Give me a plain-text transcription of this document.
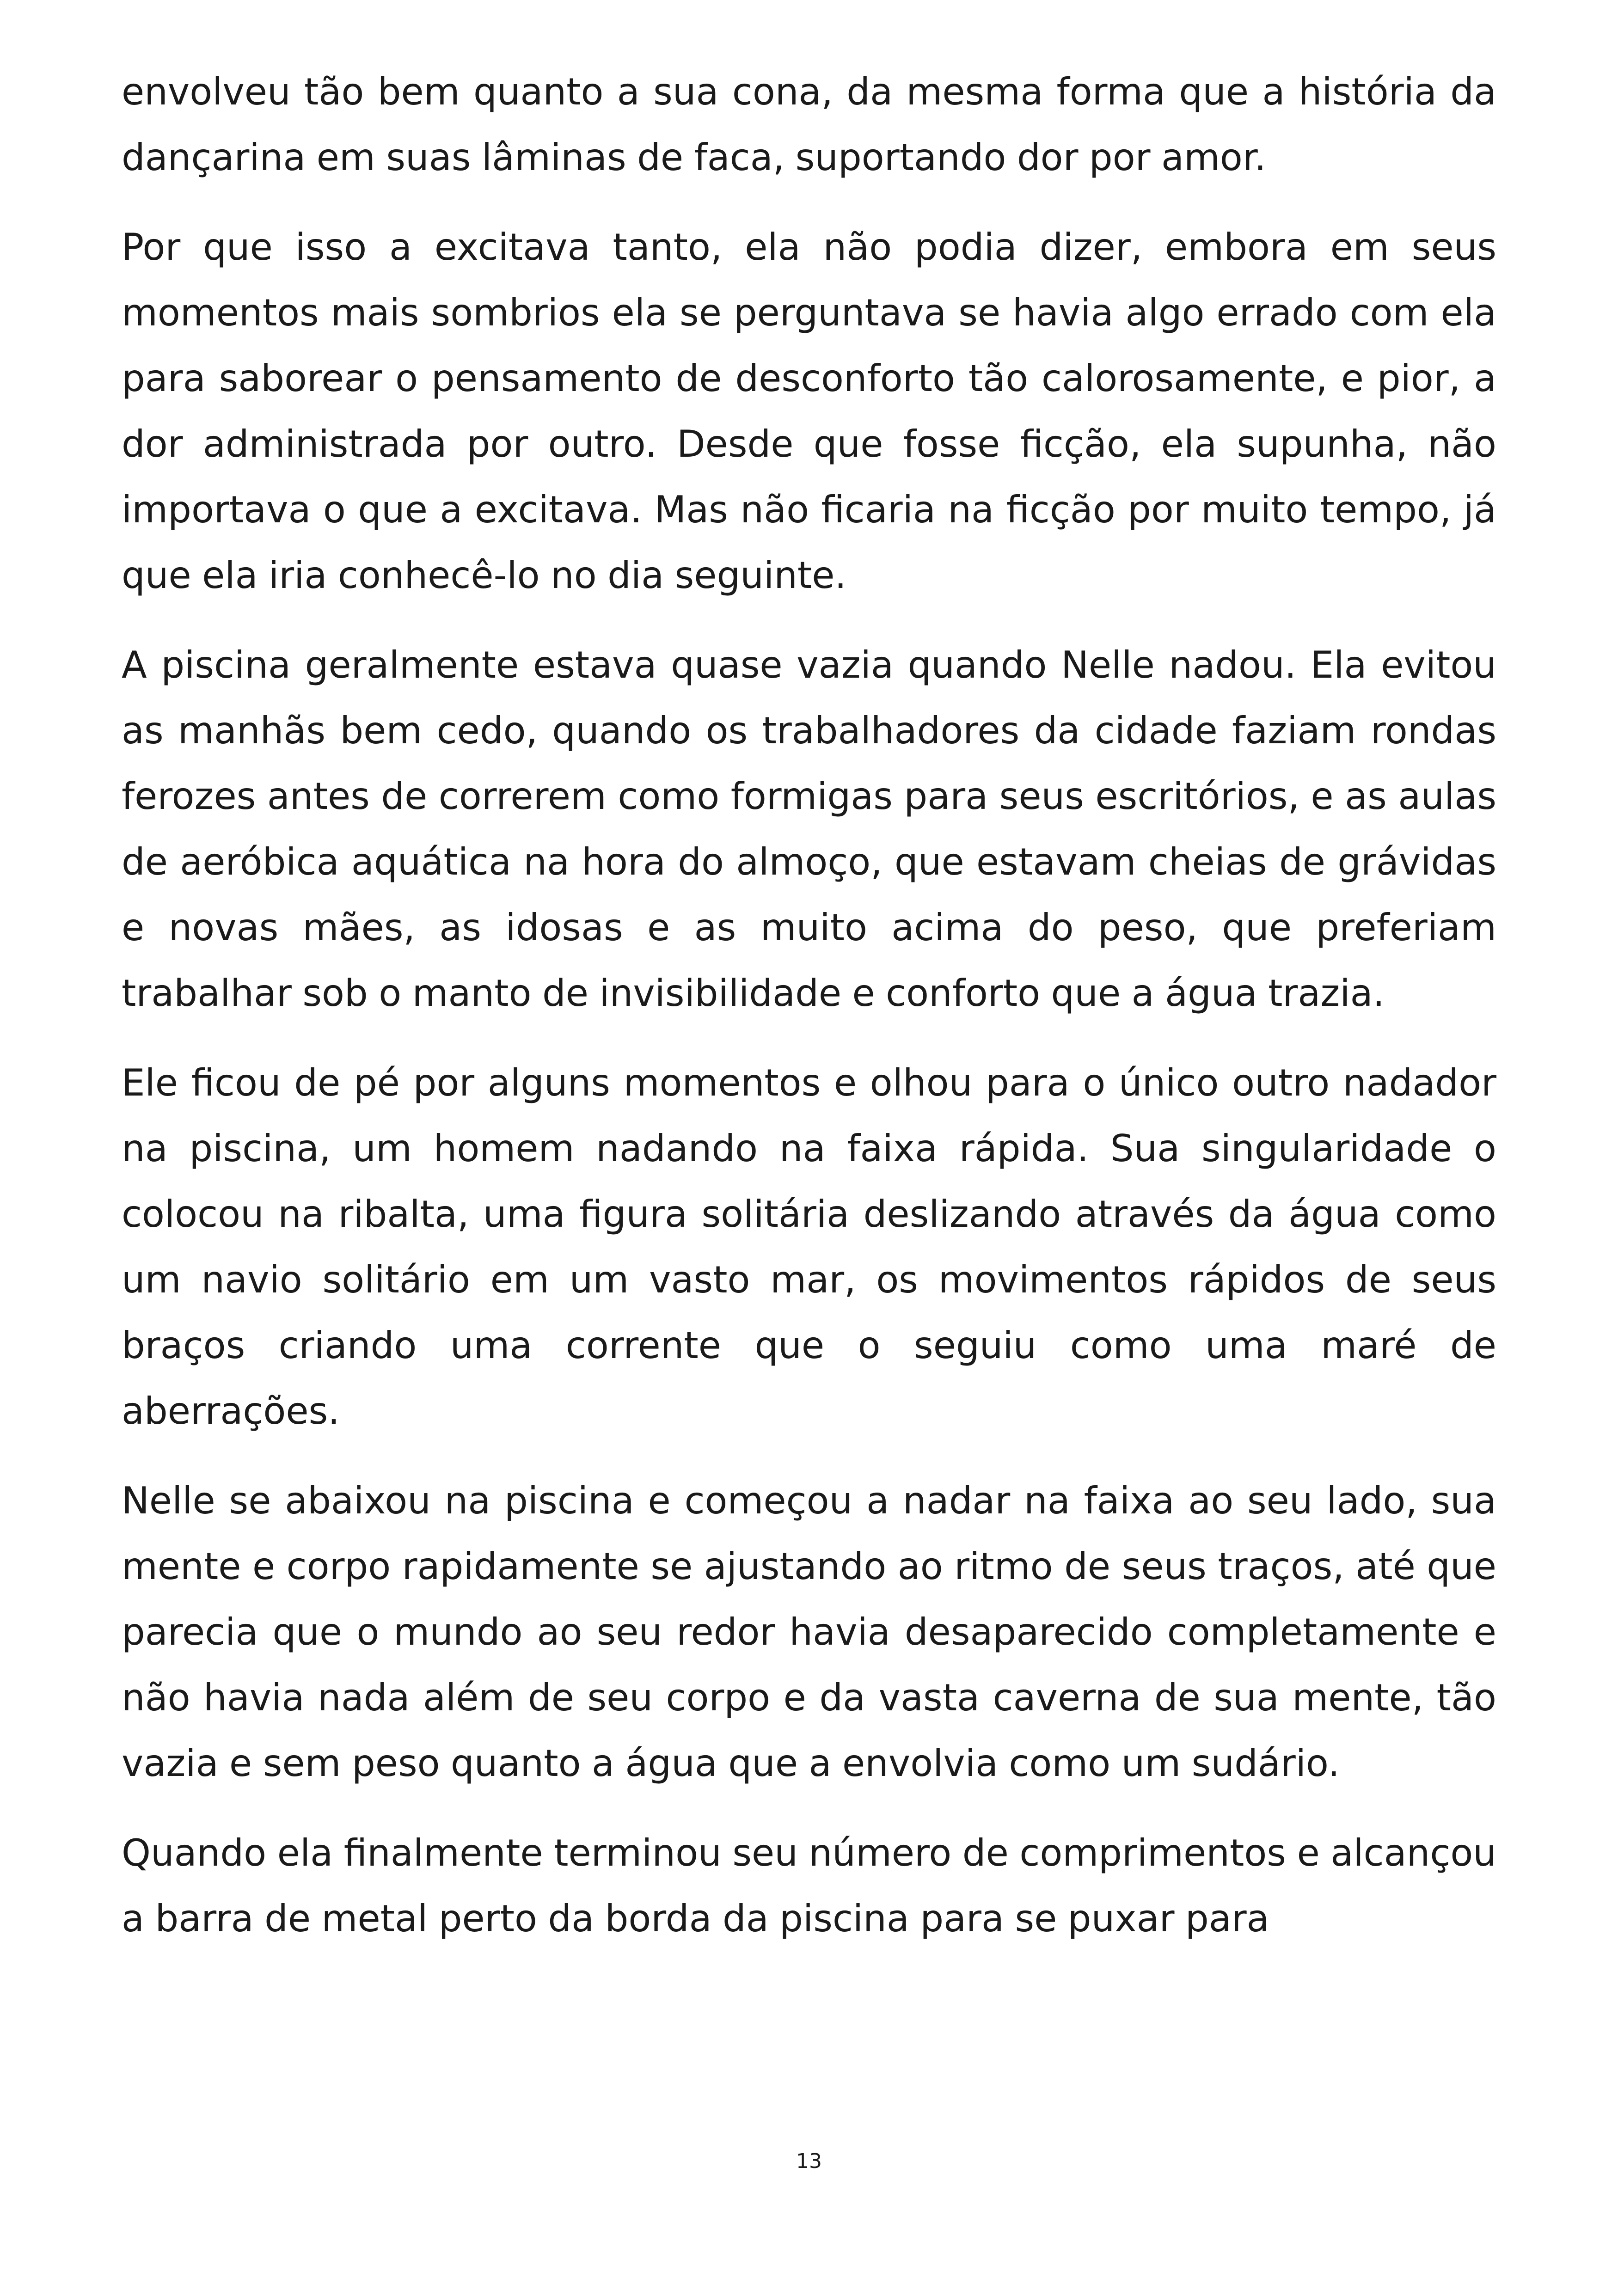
envolveu tão bem quanto a sua cona, da mesma forma que a história da dançarina em suas lâminas de faca, suportando dor por amor.

Por que isso a excitava tanto, ela não podia dizer, embora em seus momentos mais sombrios ela se perguntava se havia algo errado com ela para saborear o pensamento de desconforto tão calorosamente, e pior, a dor administrada por outro. Desde que fosse ficção, ela supunha, não importava o que a excitava. Mas não ficaria na ficção por muito tempo, já que ela iria conhecê-lo no dia seguinte.

A piscina geralmente estava quase vazia quando Nelle nadou. Ela evitou as manhãs bem cedo, quando os trabalhadores da cidade faziam rondas ferozes antes de correrem como formigas para seus escritórios, e as aulas de aeróbica aquática na hora do almoço, que estavam cheias de grávidas e novas mães, as idosas e as muito acima do peso, que preferiam trabalhar sob o manto de invisibilidade e conforto que a água trazia.

Ele ficou de pé por alguns momentos e olhou para o único outro nadador na piscina, um homem nadando na faixa rápida. Sua singularidade o colocou na ribalta, uma figura solitária deslizando através da água como um navio solitário em um vasto mar, os movimentos rápidos de seus braços criando uma corrente que o seguiu como uma maré de aberrações.

Nelle se abaixou na piscina e começou a nadar na faixa ao seu lado, sua mente e corpo rapidamente se ajustando ao ritmo de seus traços, até que parecia que o mundo ao seu redor havia desaparecido completamente e não havia nada além de seu corpo e da vasta caverna de sua mente, tão vazia e sem peso quanto a água que a envolvia como um sudário.

Quando ela finalmente terminou seu número de comprimentos e alcançou a barra de metal perto da borda da piscina para se puxar para

13
